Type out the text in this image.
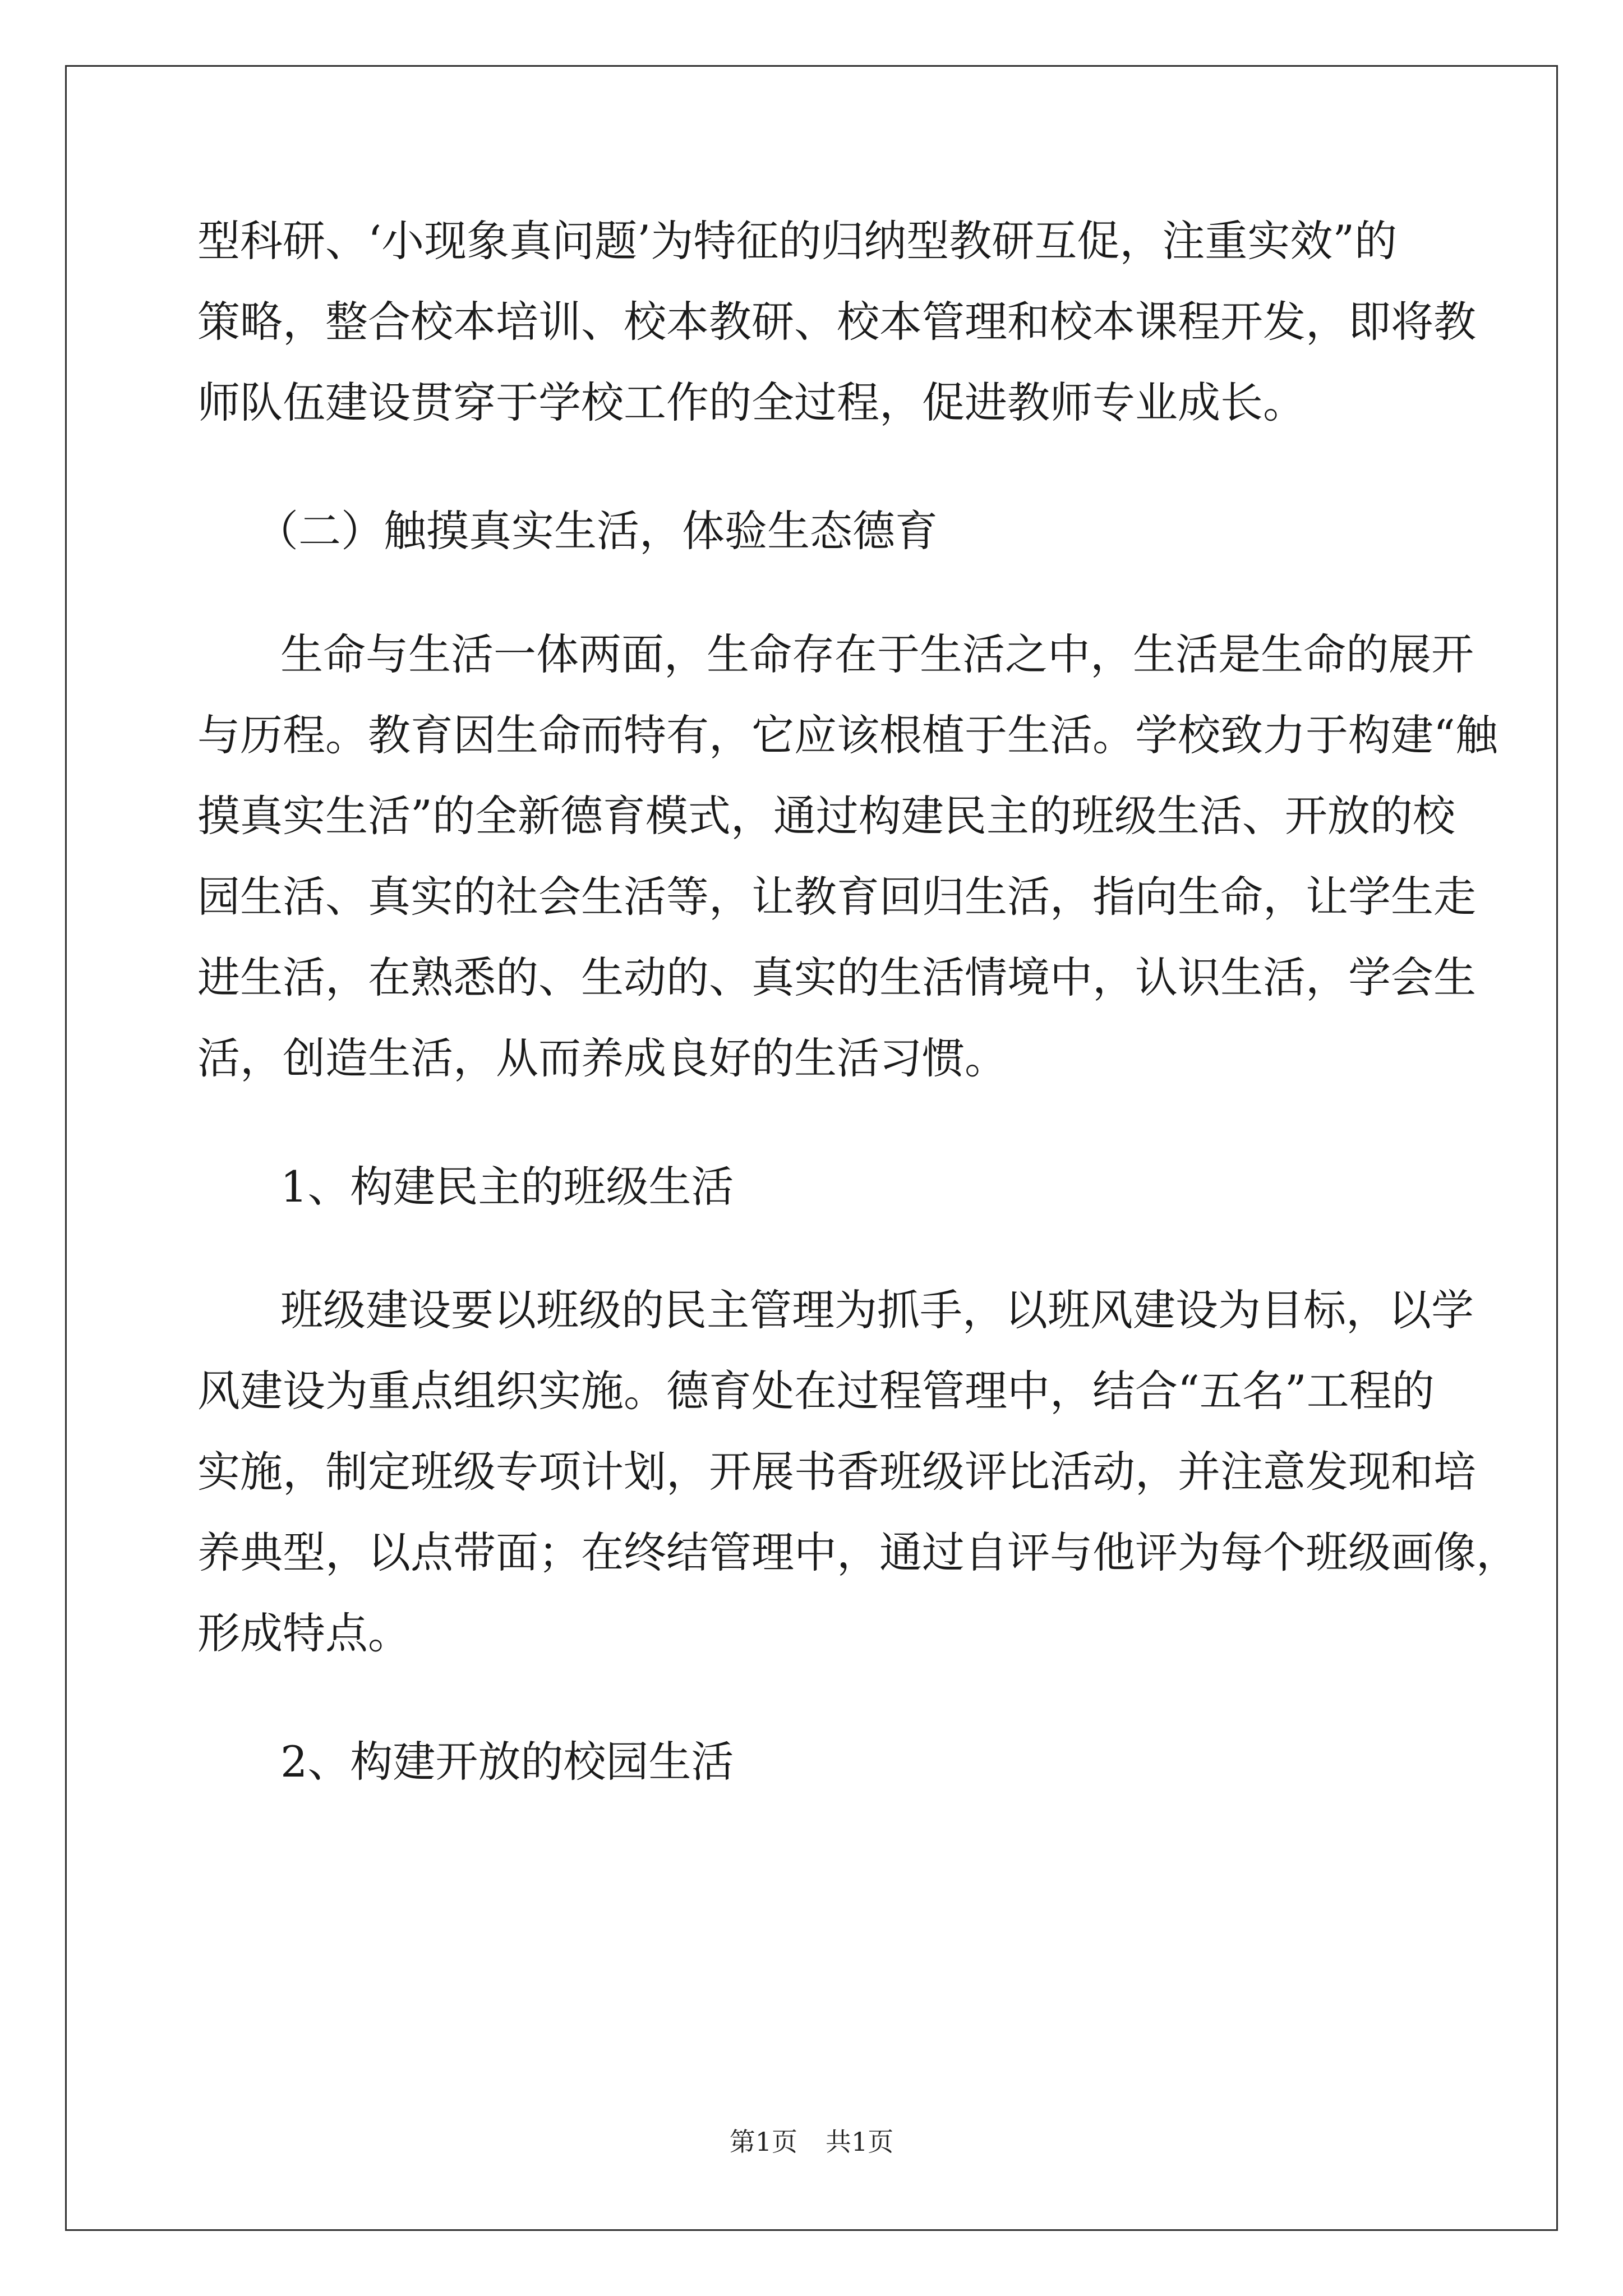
型科研、‘小现象真问题’为特征的归纳型教研互促，注重实效”的

策略，整合校本培训、校本教研、校本管理和校本课程开发，即将教

师队伍建设贯穿于学校工作的全过程，促进教师专业成长。

（二）触摸真实生活，体验生态德育

生命与生活一体两面，生命存在于生活之中，生活是生命的展开

与历程。教育因生命而特有，它应该根植于生活。学校致力于构建“触

摸真实生活”的全新德育模式，通过构建民主的班级生活、开放的校

园生活、真实的社会生活等，让教育回归生活，指向生命，让学生走

进生活，在熟悉的、生动的、真实的生活情境中，认识生活，学会生

活，创造生活，从而养成良好的生活习惯。

1、构建民主的班级生活

班级建设要以班级的民主管理为抓手，以班风建设为目标，以学

风建设为重点组织实施。德育处在过程管理中，结合“五名”工程的

实施，制定班级专项计划，开展书香班级评比活动，并注意发现和培

养典型，以点带面；在终结管理中，通过自评与他评为每个班级画像，

形成特点。

2、构建开放的校园生活

第1页 共1页
